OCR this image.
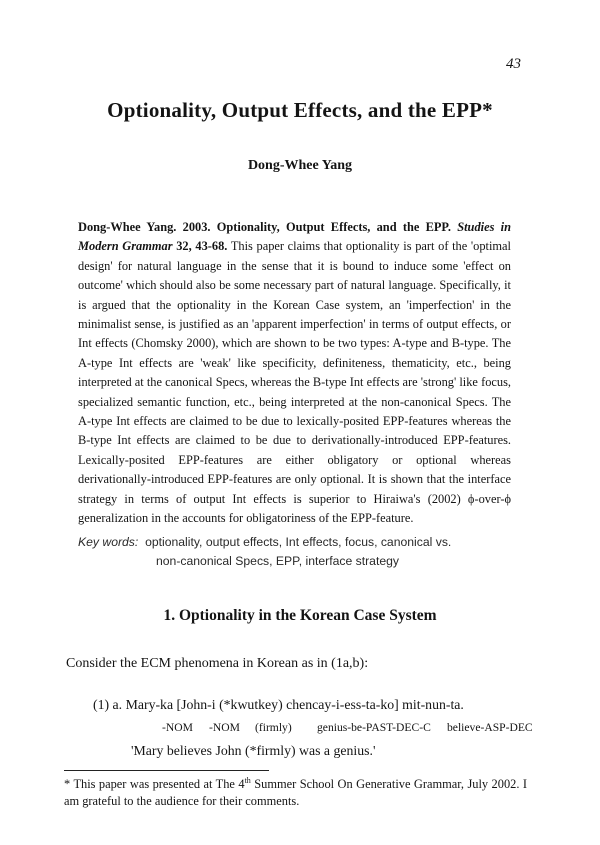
43
Optionality, Output Effects, and the EPP*
Dong-Whee Yang
Dong-Whee Yang. 2003. Optionality, Output Effects, and the EPP. Studies in Modern Grammar 32, 43-68. This paper claims that optionality is part of the 'optimal design' for natural language in the sense that it is bound to induce some 'effect on outcome' which should also be some necessary part of natural language. Specifically, it is argued that the optionality in the Korean Case system, an 'imperfection' in the minimalist sense, is justified as an 'apparent imperfection' in terms of output effects, or Int effects (Chomsky 2000), which are shown to be two types: A-type and B-type. The A-type Int effects are 'weak' like specificity, definiteness, thematicity, etc., being interpreted at the canonical Specs, whereas the B-type Int effects are 'strong' like focus, specialized semantic function, etc., being interpreted at the non-canonical Specs. The A-type Int effects are claimed to be due to lexically-posited EPP-features whereas the B-type Int effects are claimed to be due to derivationally-introduced EPP-features. Lexically-posited EPP-features are either obligatory or optional whereas derivationally-introduced EPP-features are only optional. It is shown that the interface strategy in terms of output Int effects is superior to Hiraiwa's (2002) ϕ-over-ϕ generalization in the accounts for obligatoriness of the EPP-feature.
Key words: optionality, output effects, Int effects, focus, canonical vs.
non-canonical Specs, EPP, interface strategy
1. Optionality in the Korean Case System
Consider the ECM phenomena in Korean as in (1a,b):
(1) a. Mary-ka [John-i (*kwutkey) chencay-i-ess-ta-ko] mit-nun-ta.
-NOM -NOM (firmly) genius-be-PAST-DEC-C believe-ASP-DEC
'Mary believes John (*firmly) was a genius.'
* This paper was presented at The 4th Summer School On Generative Grammar, July 2002. I am grateful to the audience for their comments.
